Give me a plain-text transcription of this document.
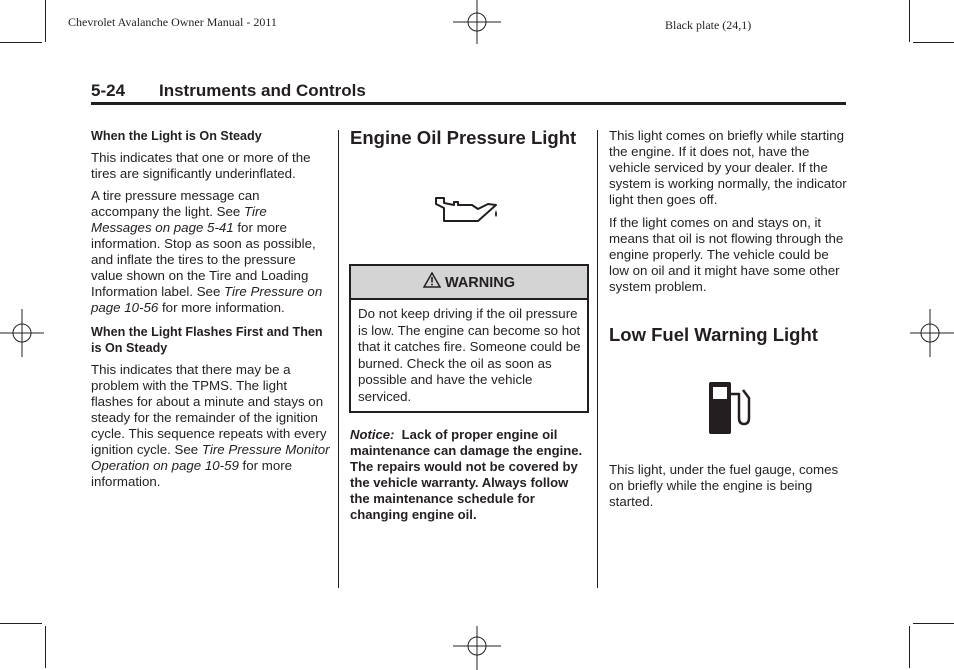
Chevrolet Avalanche Owner Manual - 2011	Black plate (24,1)
5-24 Instruments and Controls
When the Light is On Steady

This indicates that one or more of the tires are significantly underinflated.

A tire pressure message can accompany the light. See Tire Messages on page 5-41 for more information. Stop as soon as possible, and inflate the tires to the pressure value shown on the Tire and Loading Information label. See Tire Pressure on page 10-56 for more information.

When the Light Flashes First and Then is On Steady

This indicates that there may be a problem with the TPMS. The light flashes for about a minute and stays on steady for the remainder of the ignition cycle. This sequence repeats with every ignition cycle. See Tire Pressure Monitor Operation on page 10-59 for more information.

Engine Oil Pressure Light
WARNING
Do not keep driving if the oil pressure is low. The engine can become so hot that it catches fire. Someone could be burned. Check the oil as soon as possible and have the vehicle serviced.
Notice: Lack of proper engine oil maintenance can damage the engine. The repairs would not be covered by the vehicle warranty. Always follow the maintenance schedule for changing engine oil.

This light comes on briefly while starting the engine. If it does not, have the vehicle serviced by your dealer. If the system is working normally, the indicator light then goes off.

If the light comes on and stays on, it means that oil is not flowing through the engine properly. The vehicle could be low on oil and it might have some other system problem.

Low Fuel Warning Light
This light, under the fuel gauge, comes on briefly while the engine is being started.
